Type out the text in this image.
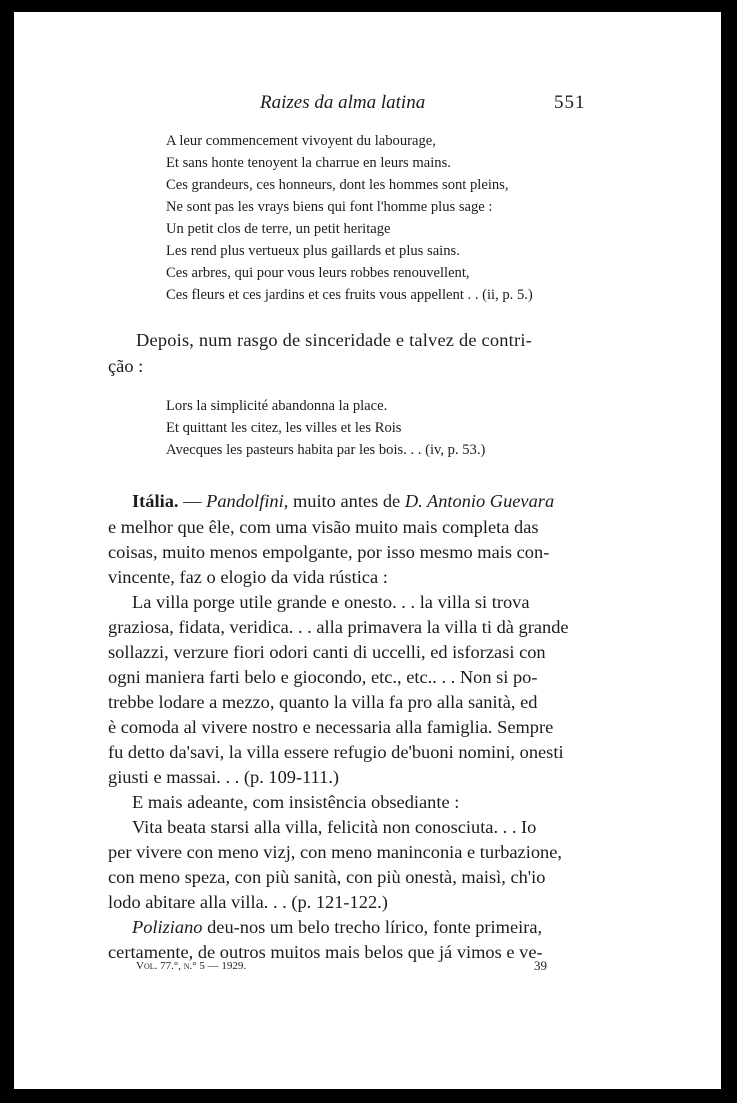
Raizes da alma latina	551
A leur commencement vivoyent du labourage,
Et sans honte tenoyent la charrue en leurs mains.
Ces grandeurs, ces honneurs, dont les hommes sont pleins,
Ne sont pas les vrays biens qui font l'homme plus sage :
Un petit clos de terre, un petit heritage
Les rend plus vertueux plus gaillards et plus sains.
Ces arbres, qui pour vous leurs robbes renouvellent,
Ces fleurs et ces jardins et ces fruits vous appellent . . (ii, p. 5.)
Depois, num rasgo de sinceridade e talvez de contri-
ção :
Lors la simplicité abandonna la place.
Et quittant les citez, les villes et les Rois
Avecques les pasteurs habita par les bois. . . (iv, p. 53.)
Itália. — Pandolfini, muito antes de D. Antonio Guevara
e melhor que êle, com uma visão muito mais completa das
coisas, muito menos empolgante, por isso mesmo mais con-
vincente, faz o elogio da vida rústica :
La villa porge utile grande e onesto. . . la villa si trova
graziosa, fidata, veridica. . . alla primavera la villa ti dà grande
sollazzi, verzure fiori odori canti di uccelli, ed isforzasi con
ogni maniera farti belo e giocondo, etc., etc.. . . Non si po-
trebbe lodare a mezzo, quanto la villa fa pro alla sanità, ed
è comoda al vivere nostro e necessaria alla famiglia. Sempre
fu detto da'savi, la villa essere refugio de'buoni nomini, onesti
giusti e massai. . . (p. 109-111.)
E mais adeante, com insistência obsediante :
Vita beata starsi alla villa, felicità non conosciuta. . . Io
per vivere con meno vizj, con meno maninconia e turbazione,
con meno speza, con più sanità, con più onestà, maisì, ch'io
lodo abitare alla villa. . . (p. 121-122.)
Poliziano deu-nos um belo trecho lírico, fonte primeira,
certamente, de outros muitos mais belos que já vimos e ve-
Vol. 77.°, n.° 5 — 1929.	39
